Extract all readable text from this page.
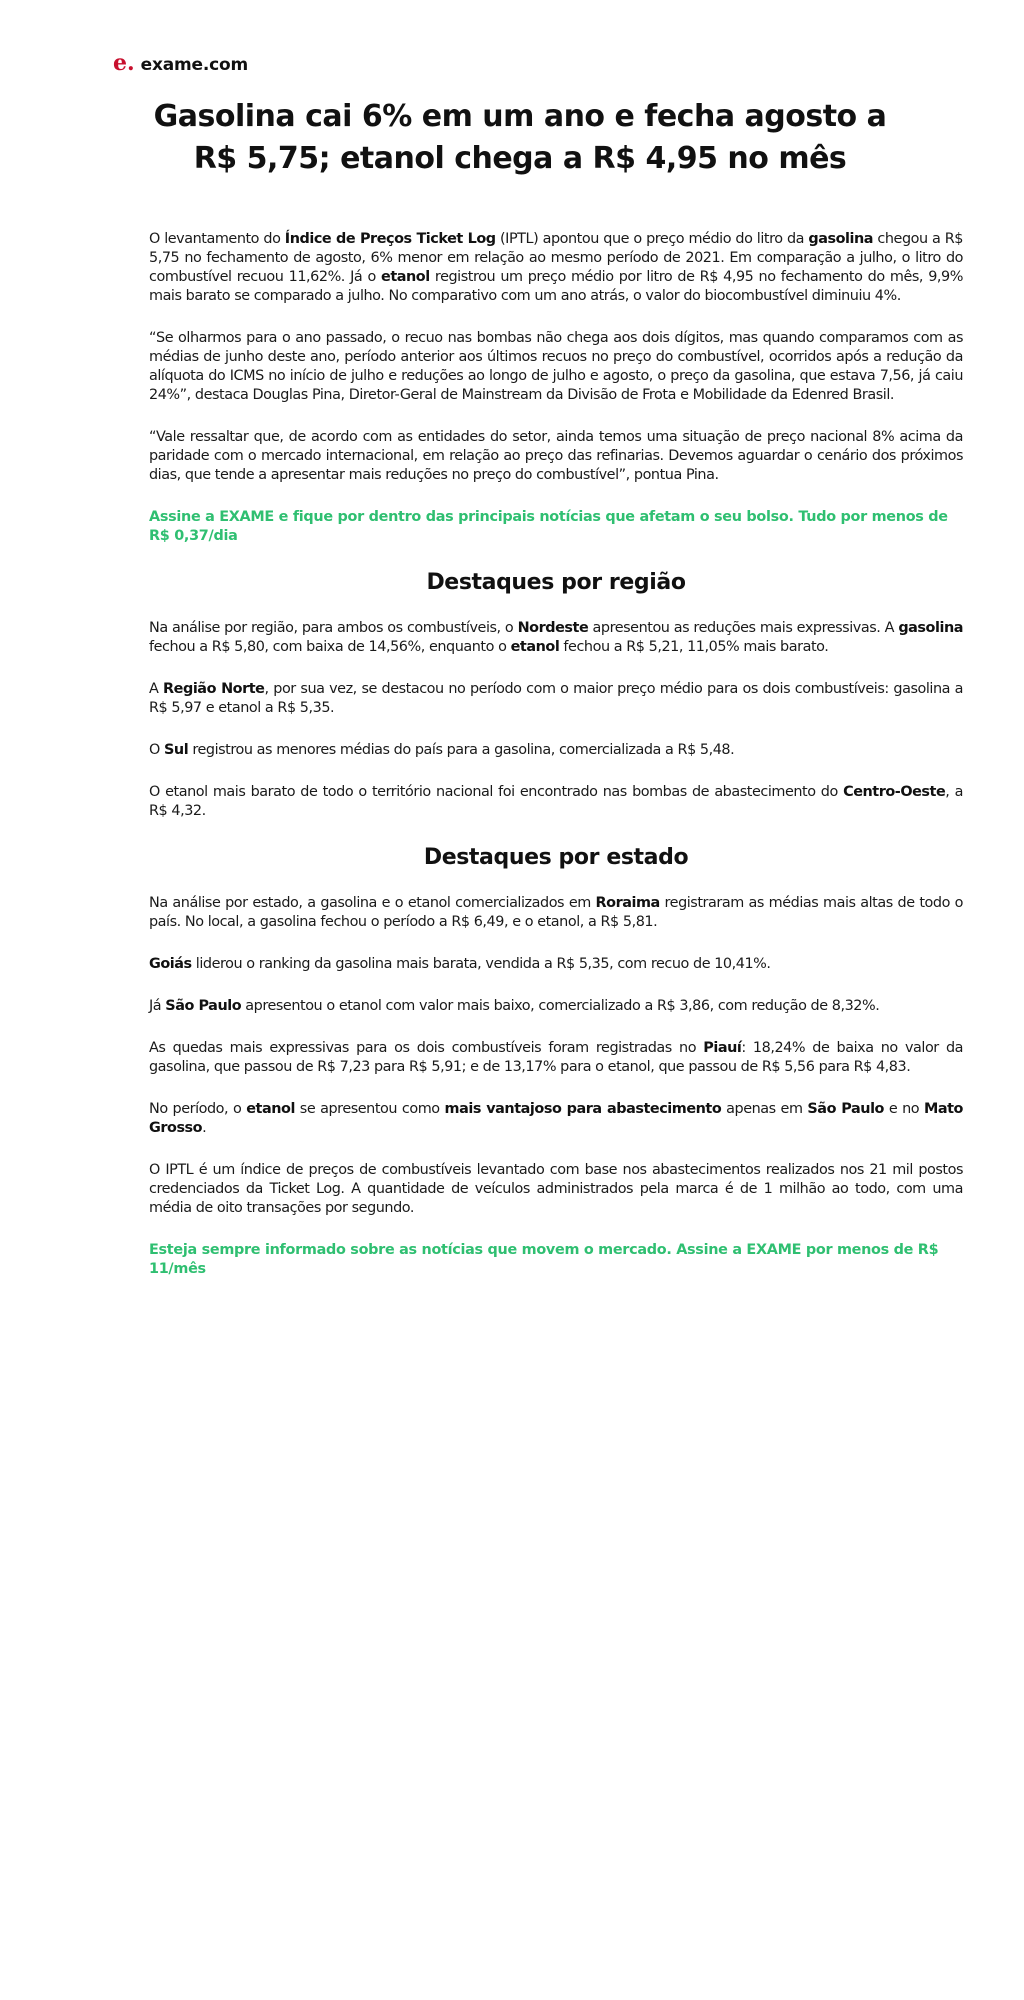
e. exame.com
Gasolina cai 6% em um ano e fecha agosto a R$ 5,75; etanol chega a R$ 4,95 no mês

O levantamento do Índice de Preços Ticket Log (IPTL) apontou que o preço médio do litro da gasolina chegou a R$ 5,75 no fechamento de agosto, 6% menor em relação ao mesmo período de 2021. Em comparação a julho, o litro do combustível recuou 11,62%. Já o etanol registrou um preço médio por litro de R$ 4,95 no fechamento do mês, 9,9% mais barato se comparado a julho. No comparativo com um ano atrás, o valor do biocombustível diminuiu 4%.

“Se olharmos para o ano passado, o recuo nas bombas não chega aos dois dígitos, mas quando comparamos com as médias de junho deste ano, período anterior aos últimos recuos no preço do combustível, ocorridos após a redução da alíquota do ICMS no início de julho e reduções ao longo de julho e agosto, o preço da gasolina, que estava 7,56, já caiu 24%”, destaca Douglas Pina, Diretor-Geral de Mainstream da Divisão de Frota e Mobilidade da Edenred Brasil.

“Vale ressaltar que, de acordo com as entidades do setor, ainda temos uma situação de preço nacional 8% acima da paridade com o mercado internacional, em relação ao preço das refinarias. Devemos aguardar o cenário dos próximos dias, que tende a apresentar mais reduções no preço do combustível”, pontua Pina.

Assine a EXAME e fique por dentro das principais notícias que afetam o seu bolso. Tudo por menos de R$ 0,37/dia

Destaques por região

Na análise por região, para ambos os combustíveis, o Nordeste apresentou as reduções mais expressivas. A gasolina fechou a R$ 5,80, com baixa de 14,56%, enquanto o etanol fechou a R$ 5,21, 11,05% mais barato.

A Região Norte, por sua vez, se destacou no período com o maior preço médio para os dois combustíveis: gasolina a R$ 5,97 e etanol a R$ 5,35.

O Sul registrou as menores médias do país para a gasolina, comercializada a R$ 5,48.

O etanol mais barato de todo o território nacional foi encontrado nas bombas de abastecimento do Centro-Oeste, a R$ 4,32.

Destaques por estado

Na análise por estado, a gasolina e o etanol comercializados em Roraima registraram as médias mais altas de todo o país. No local, a gasolina fechou o período a R$ 6,49, e o etanol, a R$ 5,81.

Goiás liderou o ranking da gasolina mais barata, vendida a R$ 5,35, com recuo de 10,41%.

Já São Paulo apresentou o etanol com valor mais baixo, comercializado a R$ 3,86, com redução de 8,32%.

As quedas mais expressivas para os dois combustíveis foram registradas no Piauí: 18,24% de baixa no valor da gasolina, que passou de R$ 7,23 para R$ 5,91; e de 13,17% para o etanol, que passou de R$ 5,56 para R$ 4,83.

No período, o etanol se apresentou como mais vantajoso para abastecimento apenas em São Paulo e no Mato Grosso.

O IPTL é um índice de preços de combustíveis levantado com base nos abastecimentos realizados nos 21 mil postos credenciados da Ticket Log. A quantidade de veículos administrados pela marca é de 1 milhão ao todo, com uma média de oito transações por segundo.

Esteja sempre informado sobre as notícias que movem o mercado. Assine a EXAME por menos de R$ 11/mês
